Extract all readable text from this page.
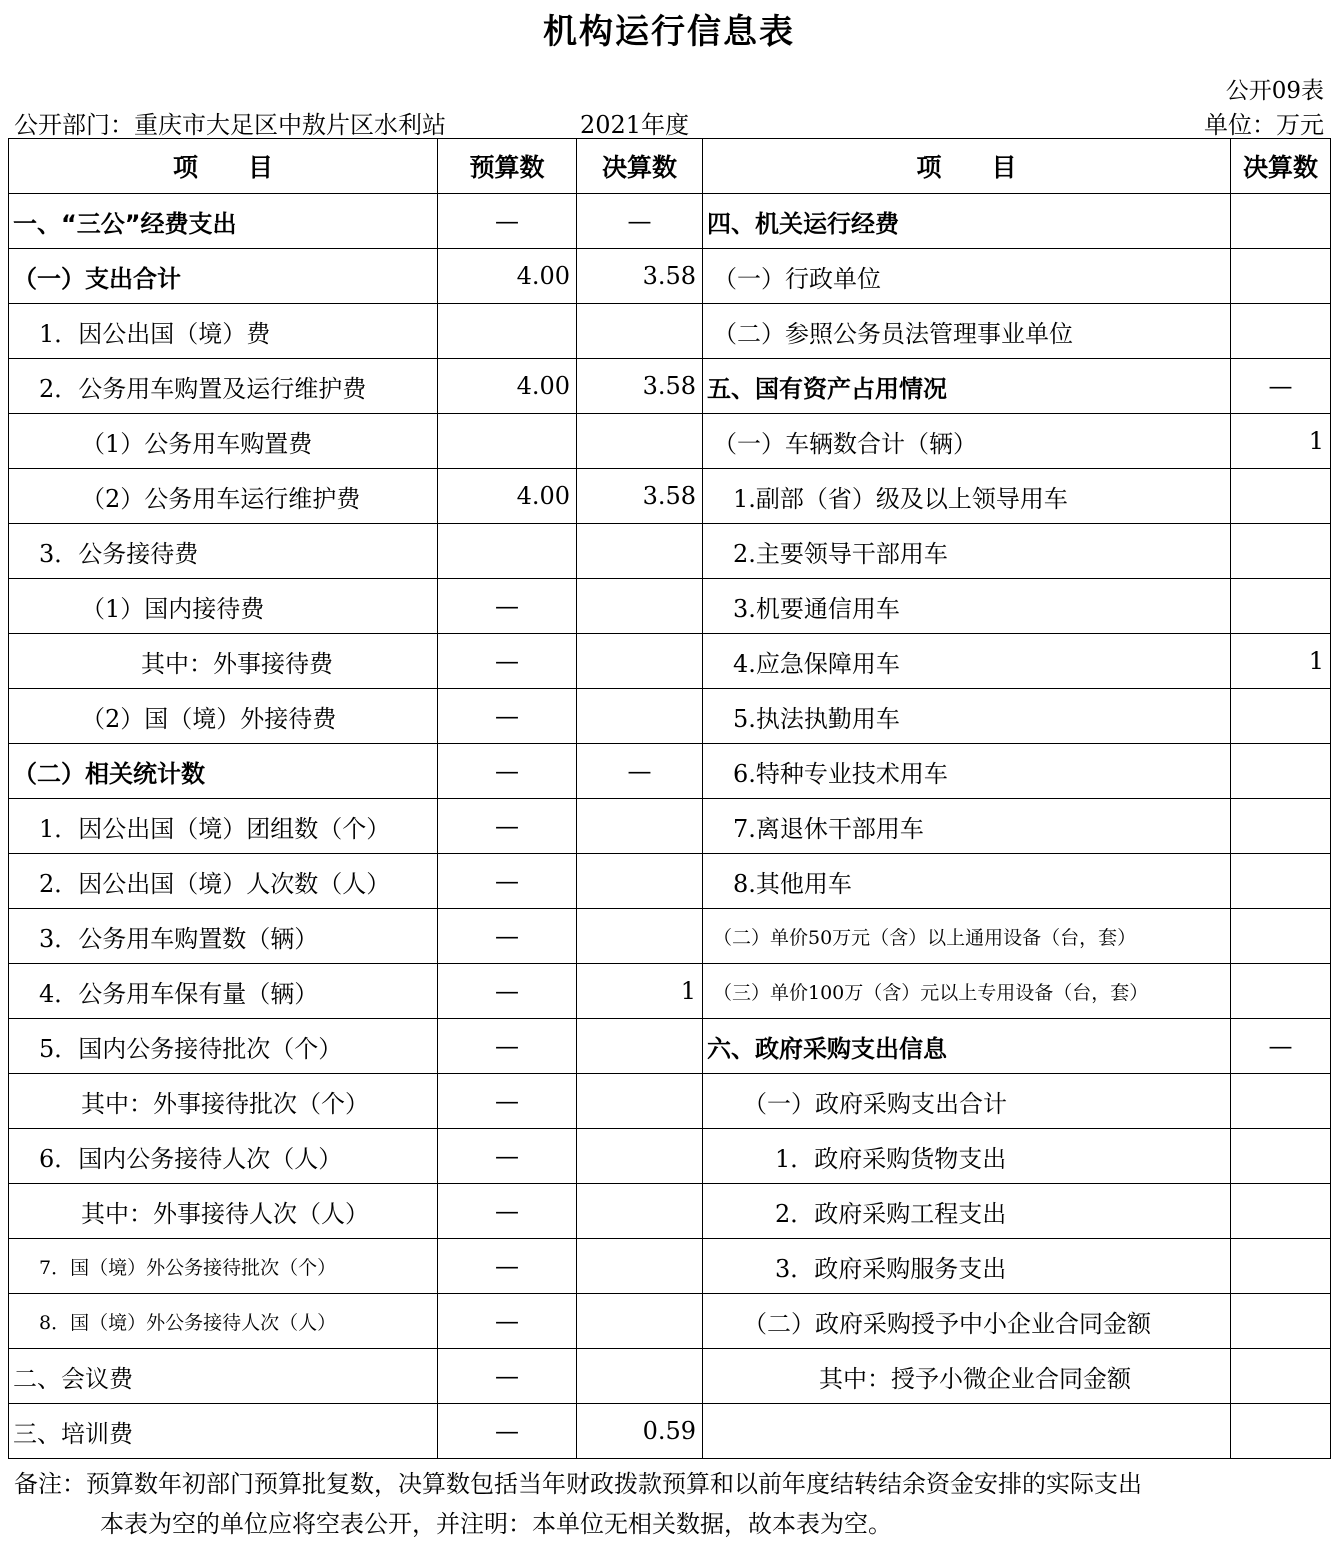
机构运行信息表
公开09表
公开部门：重庆市大足区中敖片区水利站	2021年度	单位：万元
项　　目	预算数	决算数	项　　目	决算数
一、“三公”经费支出	—	—	四、机关运行经费	
（一）支出合计	4.00	3.58	（一）行政单位	
1．因公出国（境）费			（二）参照公务员法管理事业单位	
2．公务用车购置及运行维护费	4.00	3.58	五、国有资产占用情况	—
（1）公务用车购置费			（一）车辆数合计（辆）	1
（2）公务用车运行维护费	4.00	3.58	1.副部（省）级及以上领导用车	
3．公务接待费			2.主要领导干部用车	
（1）国内接待费	—		3.机要通信用车	
其中：外事接待费	—		4.应急保障用车	1
（2）国（境）外接待费	—		5.执法执勤用车	
（二）相关统计数	—	—	6.特种专业技术用车	
1．因公出国（境）团组数（个）	—		7.离退休干部用车	
2．因公出国（境）人次数（人）	—		8.其他用车	
3．公务用车购置数（辆）	—		（二）单价50万元（含）以上通用设备（台，套）	
4．公务用车保有量（辆）	—	1	（三）单价100万（含）元以上专用设备（台，套）	
5．国内公务接待批次（个）	—		六、政府采购支出信息	—
其中：外事接待批次（个）	—		（一）政府采购支出合计	
6．国内公务接待人次（人）	—		1．政府采购货物支出	
其中：外事接待人次（人）	—		2．政府采购工程支出	
7．国（境）外公务接待批次（个）	—		3．政府采购服务支出	
8．国（境）外公务接待人次（人）	—		（二）政府采购授予中小企业合同金额	
二、会议费	—		其中：授予小微企业合同金额	
三、培训费	—	0.59		
备注：预算数年初部门预算批复数，决算数包括当年财政拨款预算和以前年度结转结余资金安排的实际支出
本表为空的单位应将空表公开，并注明：本单位无相关数据，故本表为空。
